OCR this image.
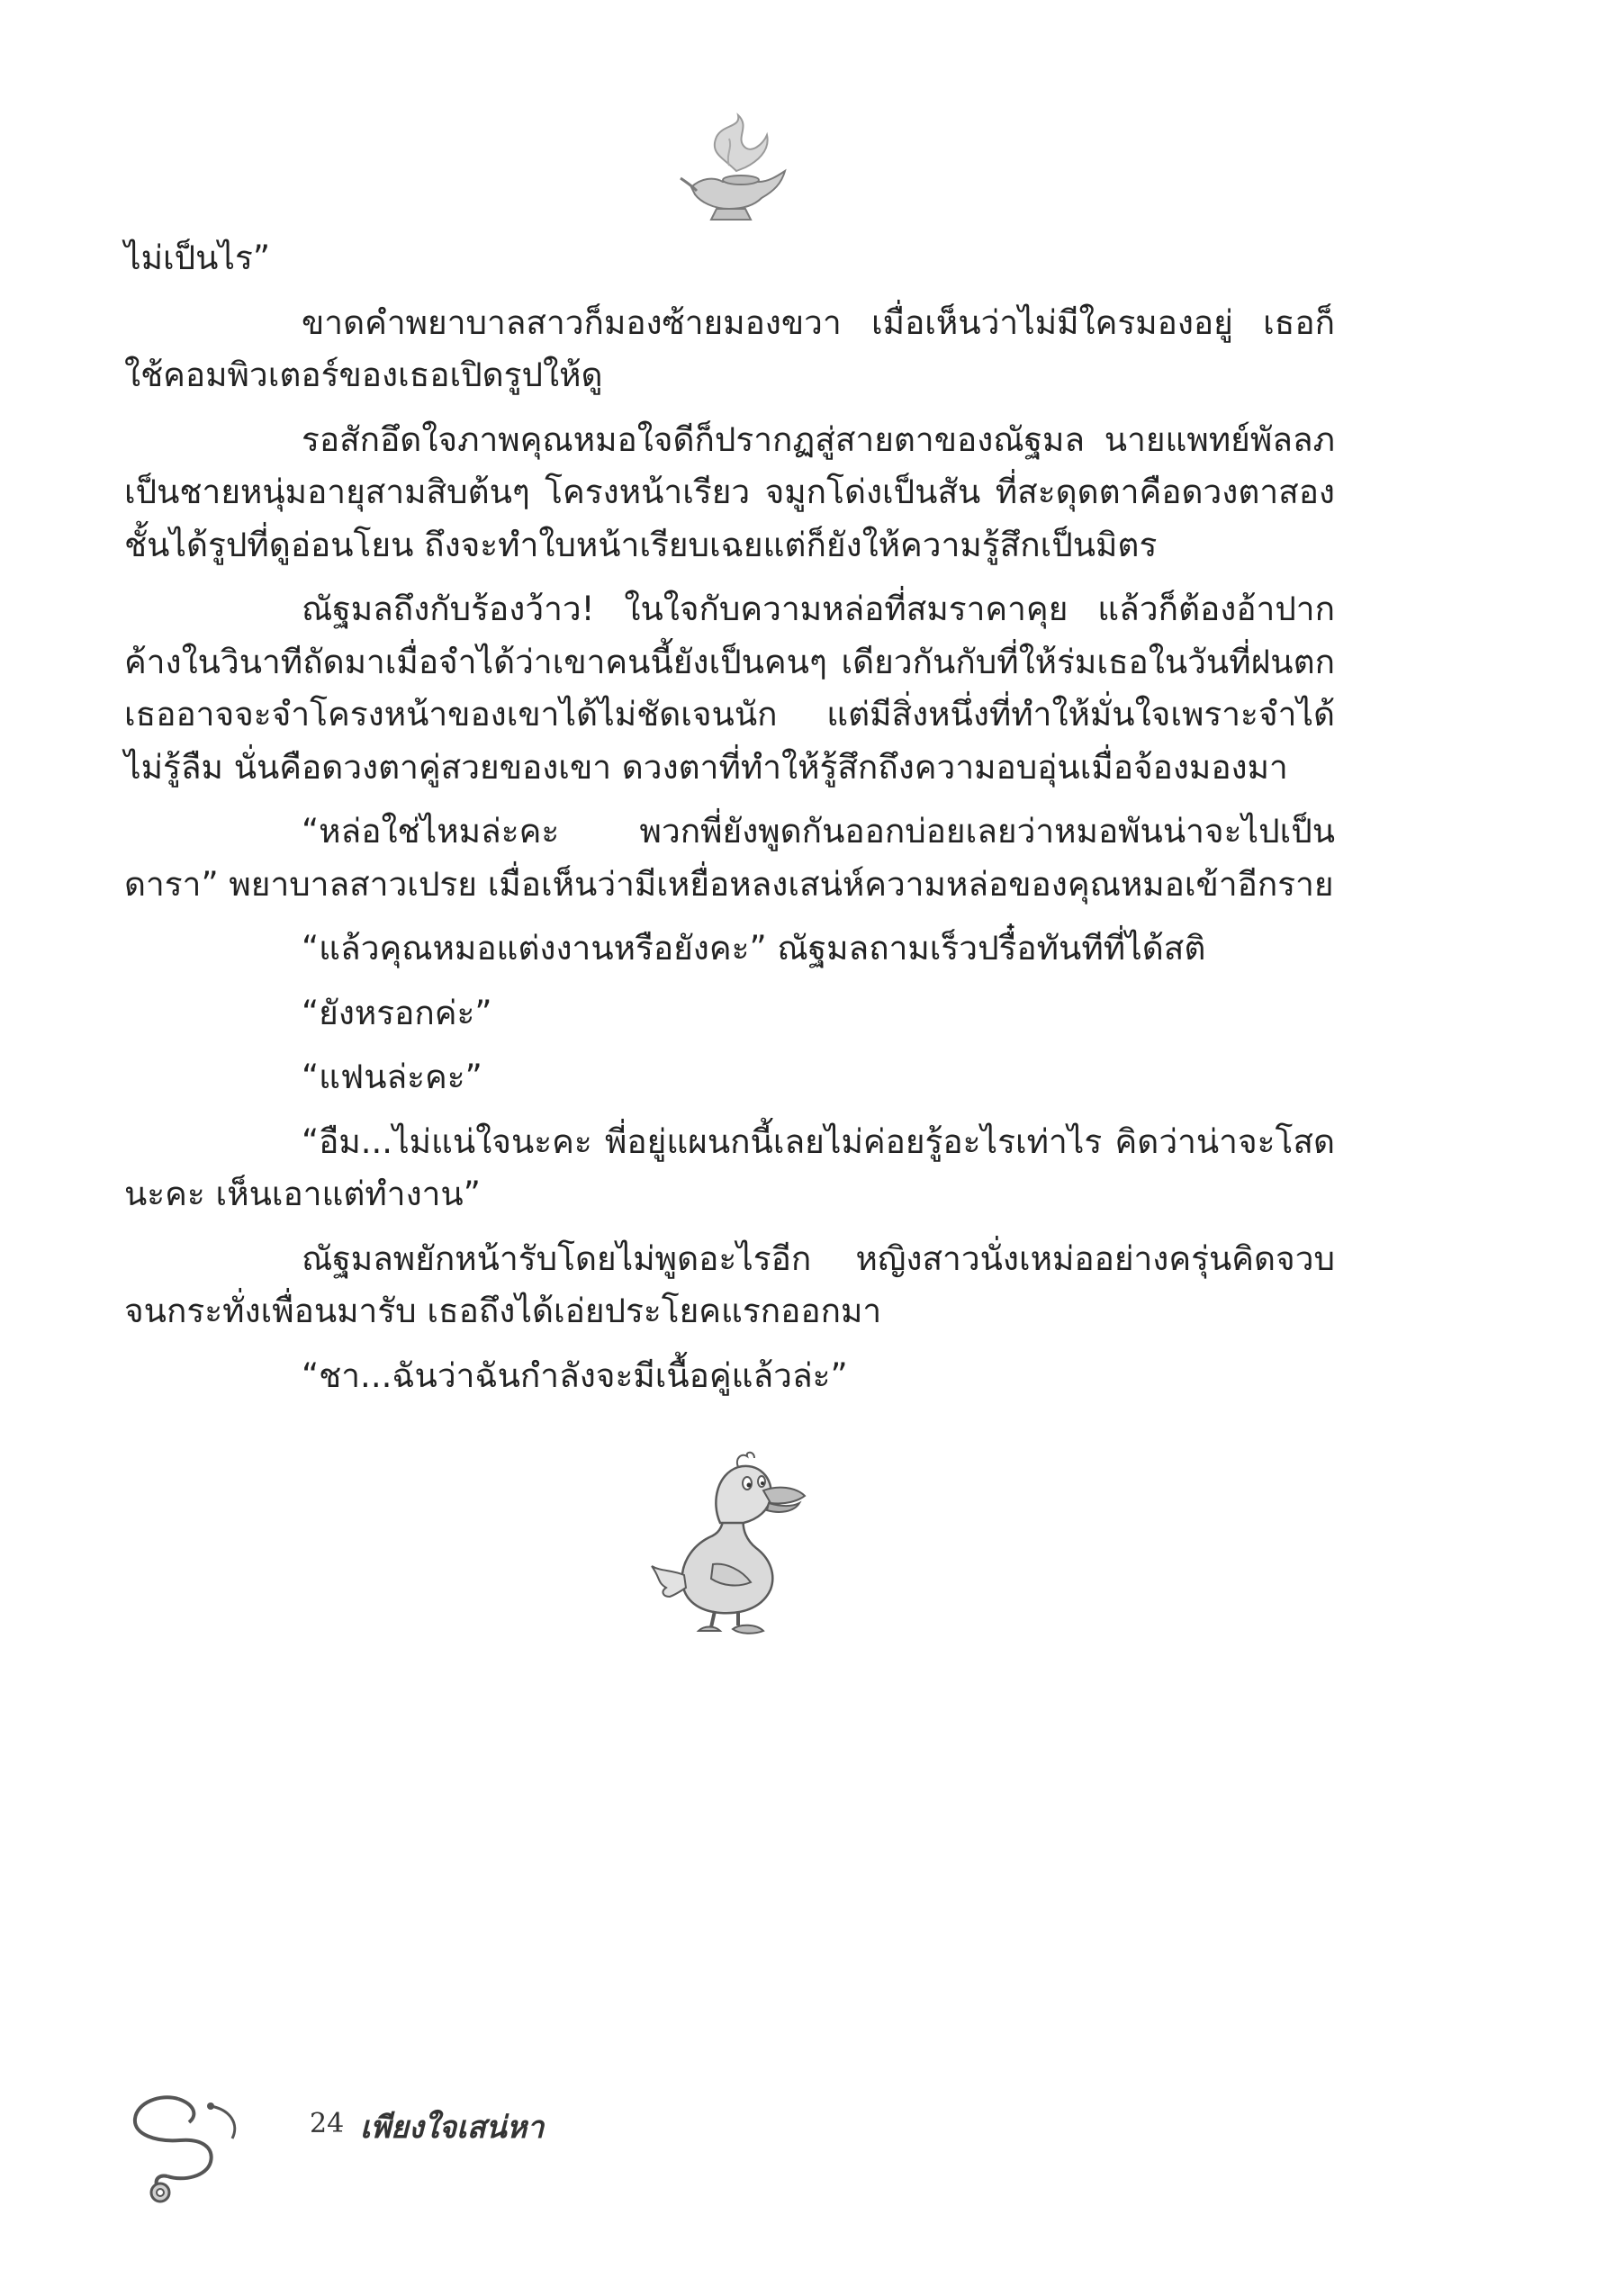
ไม่เป็นไร”

ขาดคำพยาบาลสาวก็มองซ้ายมองขวา เมื่อเห็นว่าไม่มีใครมองอยู่ เธอก็ใช้คอมพิวเตอร์ของเธอเปิดรูปให้ดู

รอสักอึดใจภาพคุณหมอใจดีก็ปรากฏสู่สายตาของณัฐมล นายแพทย์พัลลภเป็นชายหนุ่มอายุสามสิบต้นๆ โครงหน้าเรียว จมูกโด่งเป็นสัน ที่สะดุดตาคือดวงตาสองชั้นได้รูปที่ดูอ่อนโยน ถึงจะทำใบหน้าเรียบเฉยแต่ก็ยังให้ความรู้สึกเป็นมิตร

ณัฐมลถึงกับร้องว้าว! ในใจกับความหล่อที่สมราคาคุย แล้วก็ต้องอ้าปากค้างในวินาทีถัดมาเมื่อจำได้ว่าเขาคนนี้ยังเป็นคนๆ เดียวกันกับที่ให้ร่มเธอในวันที่ฝนตก เธออาจจะจำโครงหน้าของเขาได้ไม่ชัดเจนนัก แต่มีสิ่งหนึ่งที่ทำให้มั่นใจเพราะจำได้ไม่รู้ลืม นั่นคือดวงตาคู่สวยของเขา ดวงตาที่ทำให้รู้สึกถึงความอบอุ่นเมื่อจ้องมองมา

“หล่อใช่ไหมล่ะคะ พวกพี่ยังพูดกันออกบ่อยเลยว่าหมอพันน่าจะไปเป็นดารา” พยาบาลสาวเปรย เมื่อเห็นว่ามีเหยื่อหลงเสน่ห์ความหล่อของคุณหมอเข้าอีกราย

“แล้วคุณหมอแต่งงานหรือยังคะ” ณัฐมลถามเร็วปรื๋อทันทีที่ได้สติ

“ยังหรอกค่ะ”

“แฟนล่ะคะ”

“อืม...ไม่แน่ใจนะคะ พี่อยู่แผนกนี้เลยไม่ค่อยรู้อะไรเท่าไร คิดว่าน่าจะโสดนะคะ เห็นเอาแต่ทำงาน”

ณัฐมลพยักหน้ารับโดยไม่พูดอะไรอีก หญิงสาวนั่งเหม่ออย่างครุ่นคิดจวบจนกระทั่งเพื่อนมารับ เธอถึงได้เอ่ยประโยคแรกออกมา

“ชา...ฉันว่าฉันกำลังจะมีเนื้อคู่แล้วล่ะ”

24 เพียงใจเสน่หา
